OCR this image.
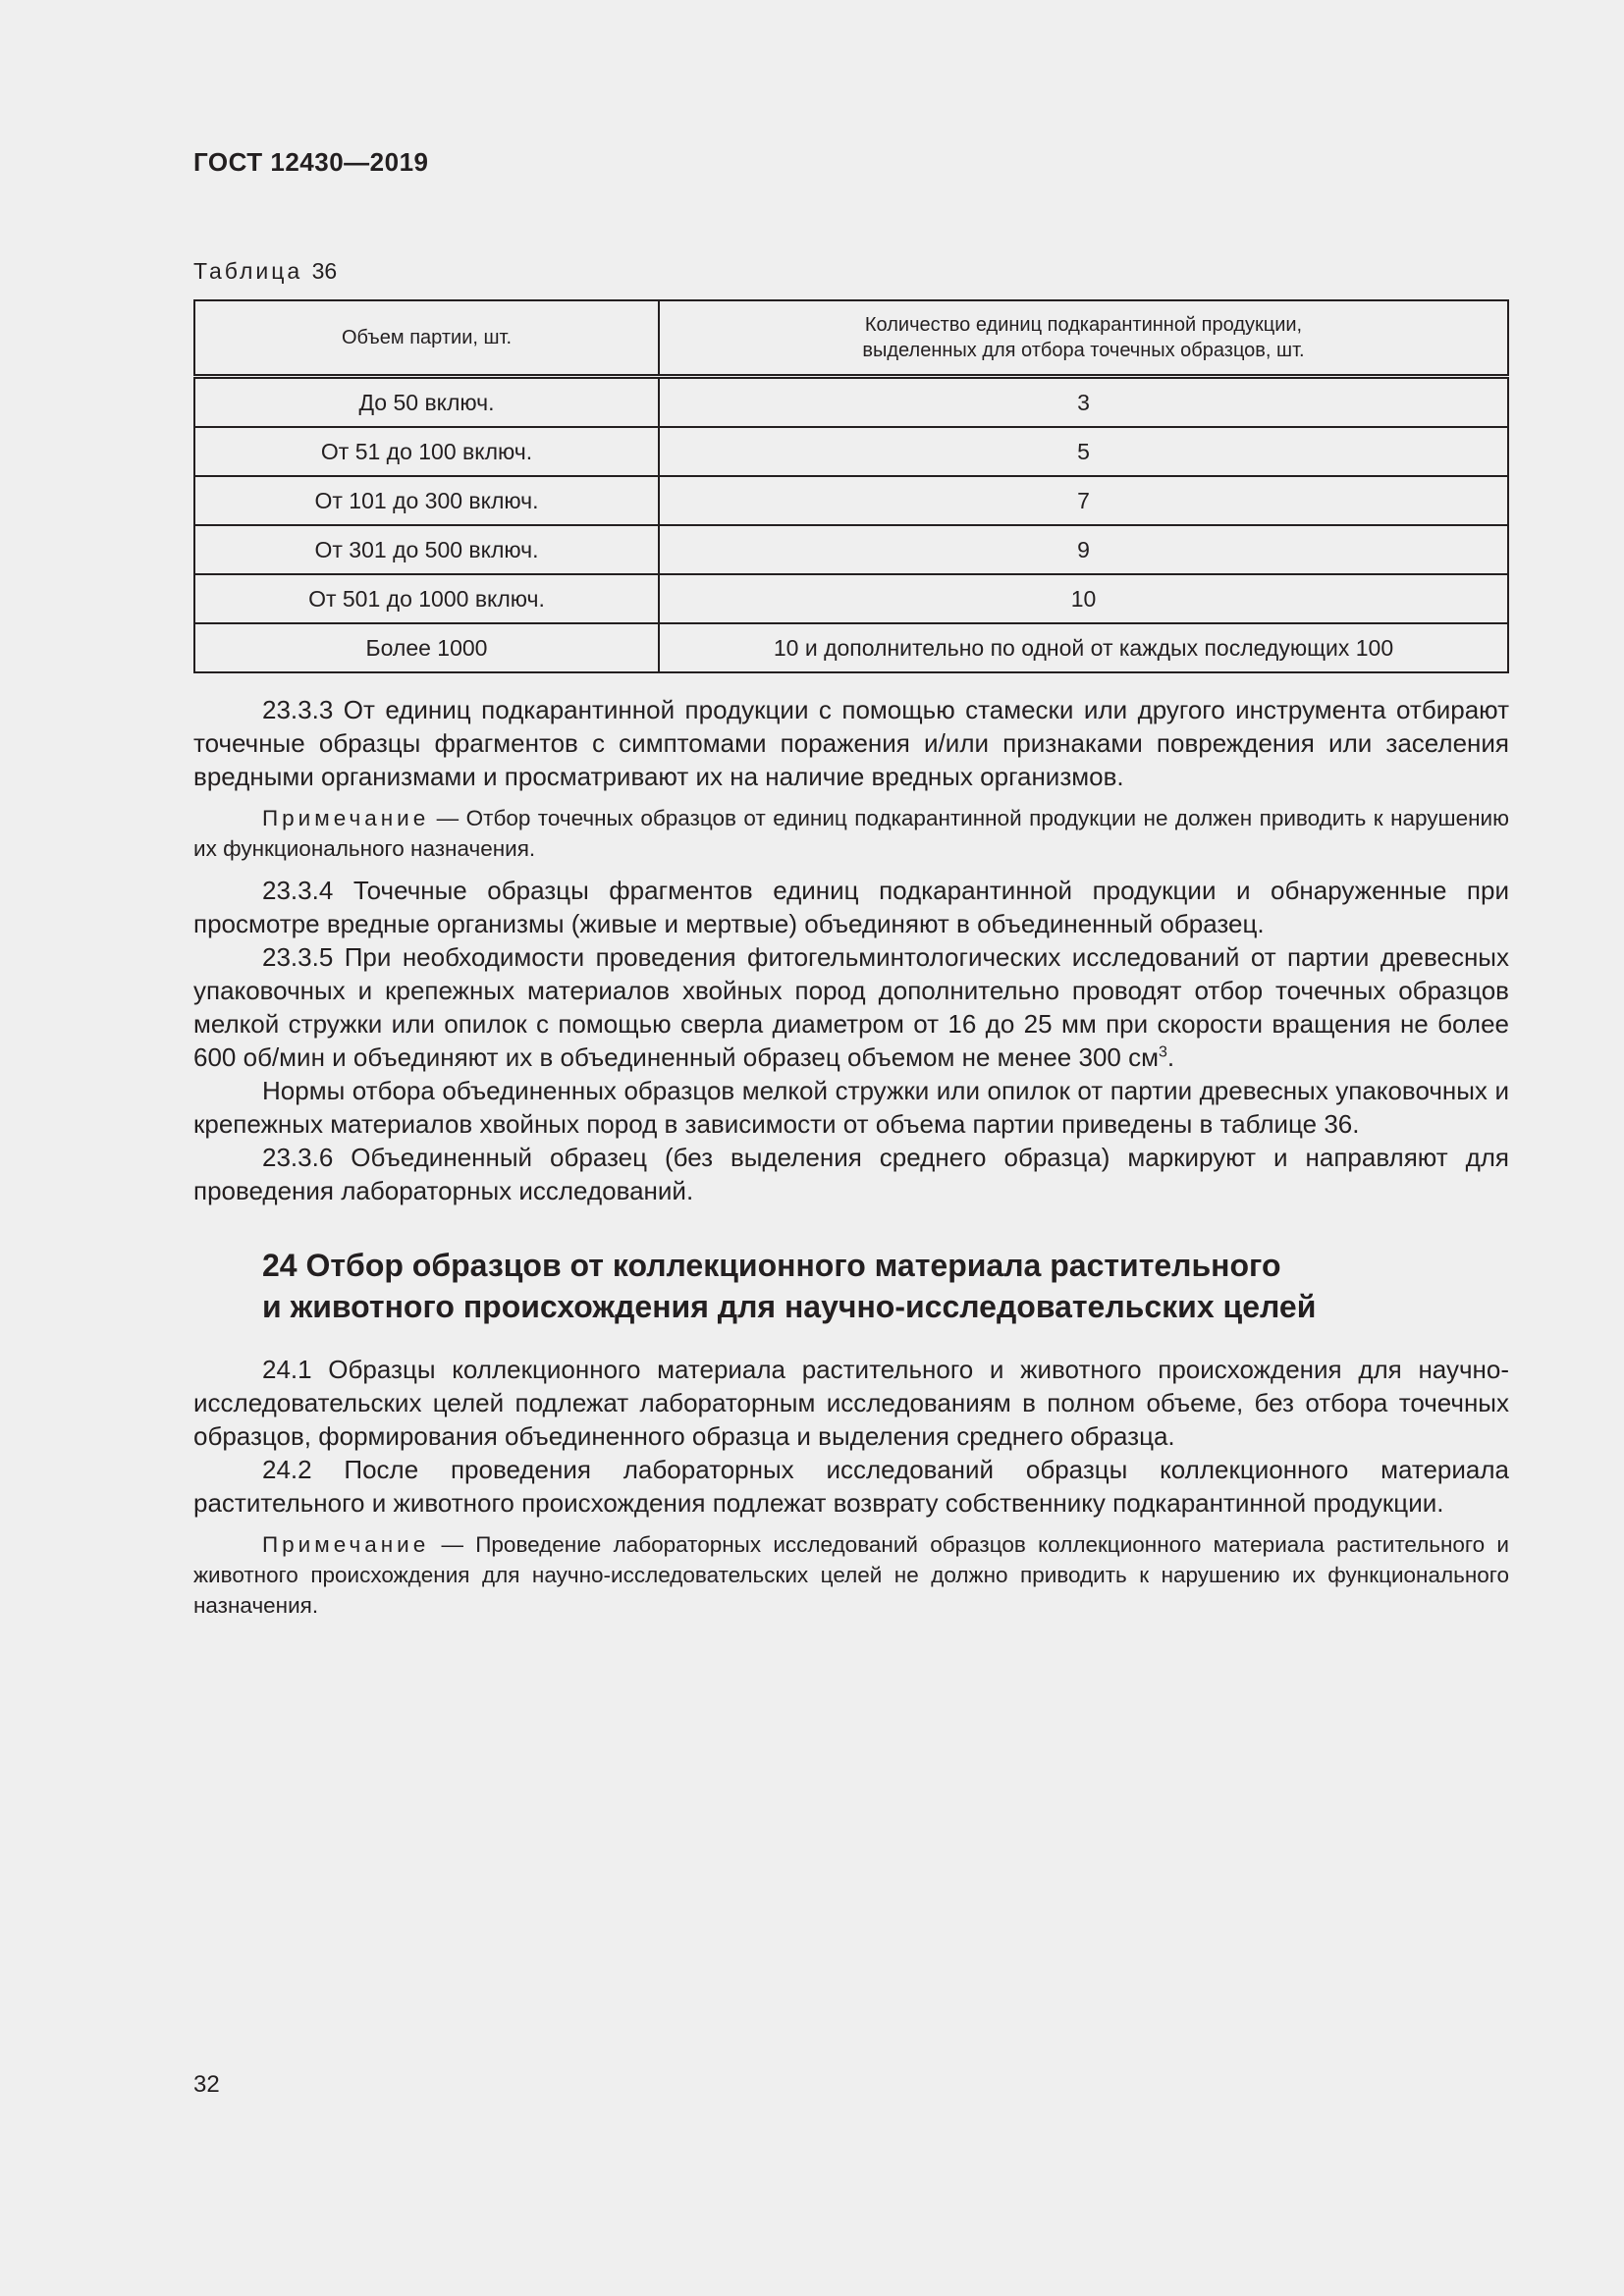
ГОСТ 12430—2019
Таблица 36
Объем партии, шт.	Количество единиц подкарантинной продукции,
выделенных для отбора точечных образцов, шт.

До 50 включ.	3
От 51 до 100 включ.	5
От 101 до 300 включ.	7
От 301 до 500 включ.	9
От 501 до 1000 включ.	10
Более 1000	10 и дополнительно по одной от каждых последующих 100

23.3.3 От единиц подкарантинной продукции с помощью стамески или другого инструмента отбирают точечные образцы фрагментов с симптомами поражения и/или признаками повреждения или заселения вредными организмами и просматривают их на наличие вредных организмов.

Примечание — Отбор точечных образцов от единиц подкарантинной продукции не должен приводить к нарушению их функционального назначения.

23.3.4 Точечные образцы фрагментов единиц подкарантинной продукции и обнаруженные при просмотре вредные организмы (живые и мертвые) объединяют в объединенный образец.

23.3.5 При необходимости проведения фитогельминтологических исследований от партии древесных упаковочных и крепежных материалов хвойных пород дополнительно проводят отбор точечных образцов мелкой стружки или опилок с помощью сверла диаметром от 16 до 25 мм при скорости вращения не более 600 об/мин и объединяют их в объединенный образец объемом не менее 300 $см^3$.

Нормы отбора объединенных образцов мелкой стружки или опилок от партии древесных упаковочных и крепежных материалов хвойных пород в зависимости от объема партии приведены в таблице 36.

23.3.6 Объединенный образец (без выделения среднего образца) маркируют и направляют для проведения лабораторных исследований.

24 Отбор образцов от коллекционного материала растительного
и животного происхождения для научно-исследовательских целей

24.1 Образцы коллекционного материала растительного и животного происхождения для научно-исследовательских целей подлежат лабораторным исследованиям в полном объеме, без отбора точечных образцов, формирования объединенного образца и выделения среднего образца.

24.2 После проведения лабораторных исследований образцы коллекционного материала растительного и животного происхождения подлежат возврату собственнику подкарантинной продукции.

Примечание — Проведение лабораторных исследований образцов коллекционного материала растительного и животного происхождения для научно-исследовательских целей не должно приводить к нарушению их функционального назначения.

32
